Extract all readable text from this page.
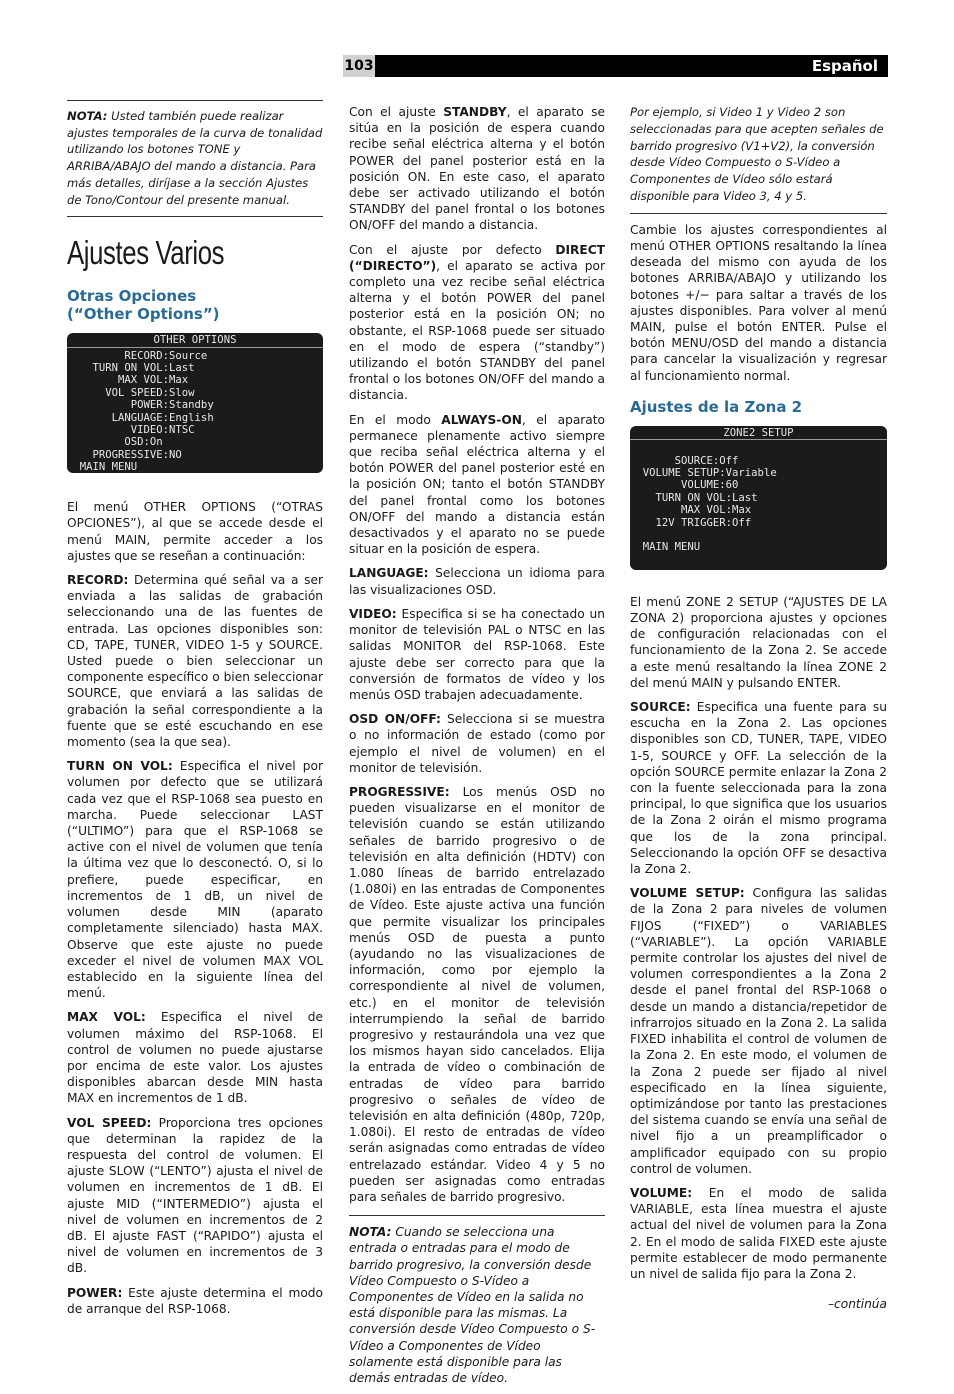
103	Español

NOTA: Usted también puede realizar ajustes temporales de la curva de tonalidad utilizando los botones TONE y ARRIBA/ABAJO del mando a distancia. Para más detalles, diríjase a la sección Ajustes de Tono/Contour del presente manual.

Ajustes Varios
Otras Opciones
(“Other Options”)
OTHER OPTIONS
RECORD:Source
TURN ON VOL:Last
MAX VOL:Max
VOL SPEED:Slow
POWER:Standby
LANGUAGE:English
VIDEO:NTSC
OSD:On
PROGRESSIVE:NO
MAIN MENU

El menú OTHER OPTIONS (“OTRAS OPCIONES”), al que se accede desde el menú MAIN, permite acceder a los ajustes que se reseñan a continuación:

RECORD: Determina qué señal va a ser enviada a las salidas de grabación seleccionando una de las fuentes de entrada. Las opciones disponibles son: CD, TAPE, TUNER, VIDEO 1-5 y SOURCE. Usted puede o bien seleccionar un componente específico o bien seleccionar SOURCE, que enviará a las salidas de grabación la señal correspondiente a la fuente que se esté escuchando en ese momento (sea la que sea).

TURN ON VOL: Especifica el nivel por volumen por defecto que se utilizará cada vez que el RSP-1068 sea puesto en marcha. Puede seleccionar LAST (“ULTIMO”) para que el RSP-1068 se active con el nivel de volumen que tenía la última vez que lo desconectó. O, si lo prefiere, puede especificar, en incrementos de 1 dB, un nivel de volumen desde MIN (aparato completamente silenciado) hasta MAX. Observe que este ajuste no puede exceder el nivel de volumen MAX VOL establecido en la siguiente línea del menú.

MAX VOL: Especifica el nivel de volumen máximo del RSP-1068. El control de volumen no puede ajustarse por encima de este valor. Los ajustes disponibles abarcan desde MIN hasta MAX en incrementos de 1 dB.

VOL SPEED: Proporciona tres opciones que determinan la rapidez de la respuesta del control de volumen. El ajuste SLOW (“LENTO”) ajusta el nivel de volumen en incrementos de 1 dB. El ajuste MID (“INTERMEDIO”) ajusta el nivel de volumen en incrementos de 2 dB. El ajuste FAST (“RAPIDO”) ajusta el nivel de volumen en incrementos de 3 dB.

POWER: Este ajuste determina el modo de arranque del RSP-1068.

Con el ajuste STANDBY, el aparato se sitúa en la posición de espera cuando recibe señal eléctrica alterna y el botón POWER del panel posterior está en la posición ON. En este caso, el aparato debe ser activado utilizando el botón STANDBY del panel frontal o los botones ON/OFF del mando a distancia.

Con el ajuste por defecto DIRECT (“DIRECTO”), el aparato se activa por completo una vez recibe señal eléctrica alterna y el botón POWER del panel posterior está en la posición ON; no obstante, el RSP-1068 puede ser situado en el modo de espera (“standby”) utilizando el botón STANDBY del panel frontal o los botones ON/OFF del mando a distancia.

En el modo ALWAYS-ON, el aparato permanece plenamente activo siempre que reciba señal eléctrica alterna y el botón POWER del panel posterior esté en la posición ON; tanto el botón STANDBY del panel frontal como los botones ON/OFF del mando a distancia están desactivados y el aparato no se puede situar en la posición de espera.

LANGUAGE: Selecciona un idioma para las visualizaciones OSD.

VIDEO: Especifica si se ha conectado un monitor de televisión PAL o NTSC en las salidas MONITOR del RSP-1068. Este ajuste debe ser correcto para que la conversión de formatos de vídeo y los menús OSD trabajen adecuadamente.

OSD ON/OFF: Selecciona si se muestra o no información de estado (como por ejemplo el nivel de volumen) en el monitor de televisión.

PROGRESSIVE: Los menús OSD no pueden visualizarse en el monitor de televisión cuando se están utilizando señales de barrido progresivo o de televisión en alta definición (HDTV) con 1.080 líneas de barrido entrelazado (1.080i) en las entradas de Componentes de Vídeo. Este ajuste activa una función que permite visualizar los principales menús OSD de puesta a punto (ayudando no las visualizaciones de información, como por ejemplo la correspondiente al nivel de volumen, etc.) en el monitor de televisión interrumpiendo la señal de barrido progresivo y restaurándola una vez que los mismos hayan sido cancelados. Elija la entrada de vídeo o combinación de entradas de vídeo para barrido progresivo o señales de vídeo de televisión en alta definición (480p, 720p, 1.080i). El resto de entradas de vídeo serán asignadas como entradas de vídeo entrelazado estándar. Video 4 y 5 no pueden ser asignadas como entradas para señales de barrido progresivo.

NOTA: Cuando se selecciona una entrada o entradas para el modo de barrido progresivo, la conversión desde Vídeo Compuesto o S-Vídeo a Componentes de Vídeo en la salida no está disponible para las mismas. La conversión desde Vídeo Compuesto o S-Vídeo a Componentes de Vídeo solamente está disponible para las demás entradas de vídeo.

Por ejemplo, si Video 1 y Video 2 son seleccionadas para que acepten señales de barrido progresivo (V1+V2), la conversión desde Vídeo Compuesto o S-Vídeo a Componentes de Vídeo sólo estará disponible para Video 3, 4 y 5.

Cambie los ajustes correspondientes al menú OTHER OPTIONS resaltando la línea deseada del mismo con ayuda de los botones ARRIBA/ABAJO y utilizando los botones +/− para saltar a través de los ajustes disponibles. Para volver al menú MAIN, pulse el botón ENTER. Pulse el botón MENU/OSD del mando a distancia para cancelar la visualización y regresar al funcionamiento normal.

Ajustes de la Zona 2
ZONE2 SETUP

SOURCE:Off
VOLUME SETUP:Variable
VOLUME:60
TURN ON VOL:Last
MAX VOL:Max
12V TRIGGER:Off

MAIN MENU

El menú ZONE 2 SETUP (“AJUSTES DE LA ZONA 2) proporciona ajustes y opciones de configuración relacionadas con el funcionamiento de la Zona 2. Se accede a este menú resaltando la línea ZONE 2 del menú MAIN y pulsando ENTER.

SOURCE: Especifica una fuente para su escucha en la Zona 2. Las opciones disponibles son CD, TUNER, TAPE, VIDEO 1-5, SOURCE y OFF. La selección de la opción SOURCE permite enlazar la Zona 2 con la fuente seleccionada para la zona principal, lo que significa que los usuarios de la Zona 2 oirán el mismo programa que los de la zona principal. Seleccionando la opción OFF se desactiva la Zona 2.

VOLUME SETUP: Configura las salidas de la Zona 2 para niveles de volumen FIJOS (“FIXED”) o VARIABLES (“VARIABLE”). La opción VARIABLE permite controlar los ajustes del nivel de volumen correspondientes a la Zona 2 desde el panel frontal del RSP-1068 o desde un mando a distancia/repetidor de infrarrojos situado en la Zona 2. La salida FIXED inhabilita el control de volumen de la Zona 2. En este modo, el volumen de la Zona 2 puede ser fijado al nivel especificado en la línea siguiente, optimizándose por tanto las prestaciones del sistema cuando se envía una señal de nivel fijo a un preamplificador o amplificador equipado con su propio control de volumen.

VOLUME: En el modo de salida VARIABLE, esta línea muestra el ajuste actual del nivel de volumen para la Zona 2. En el modo de salida FIXED este ajuste permite establecer de modo permanente un nivel de salida fijo para la Zona 2.

–continúa
